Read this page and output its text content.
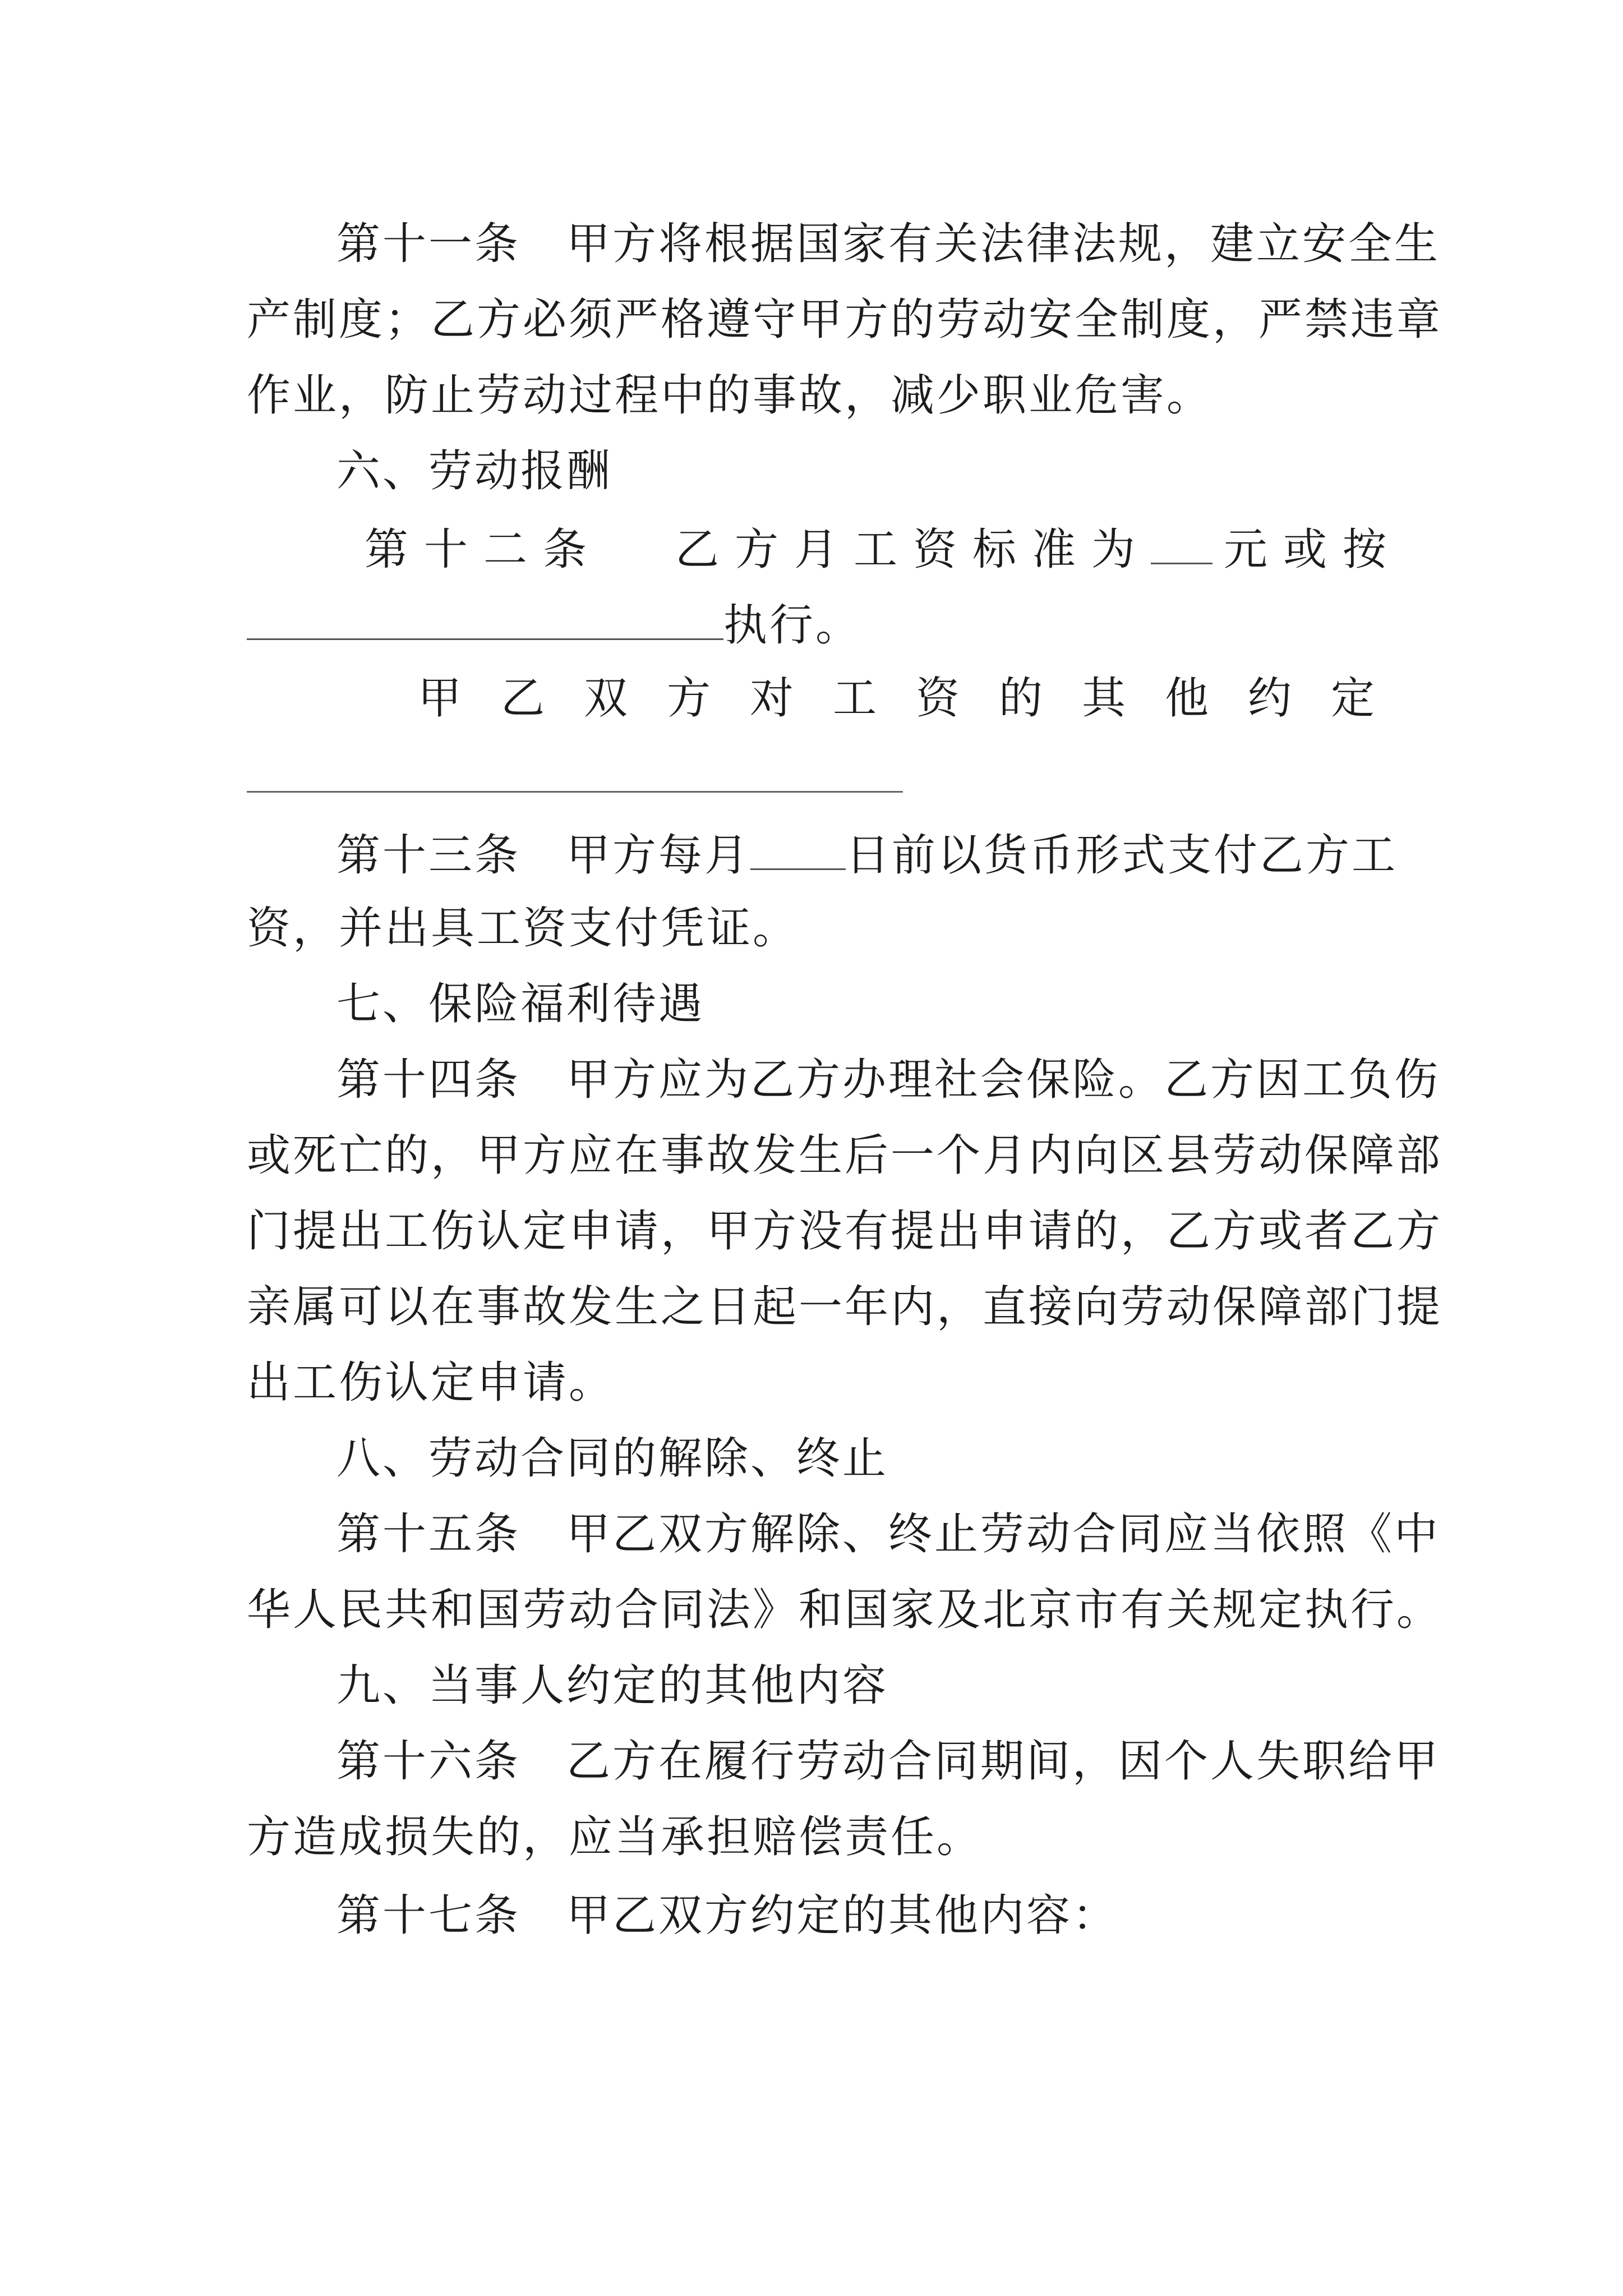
第十一条　甲方将根据国家有关法律法规，建立安全生
产制度；乙方必须严格遵守甲方的劳动安全制度，严禁违章
作业，防止劳动过程中的事故，减少职业危害。
六、劳动报酬
第十二条 乙方月工资标准为 元或按
执行。
甲乙双方对工资的其他约定
第十三条　甲方每月 日前以货币形式支付乙方工
资，并出具工资支付凭证。
七、保险福利待遇
第十四条　甲方应为乙方办理社会保险。乙方因工负伤
或死亡的，甲方应在事故发生后一个月内向区县劳动保障部
门提出工伤认定申请，甲方没有提出申请的，乙方或者乙方
亲属可以在事故发生之日起一年内，直接向劳动保障部门提
出工伤认定申请。
八、劳动合同的解除、终止
第十五条　甲乙双方解除、终止劳动合同应当依照《中
华人民共和国劳动合同法》和国家及北京市有关规定执行。
九、当事人约定的其他内容
第十六条　乙方在履行劳动合同期间，因个人失职给甲
方造成损失的，应当承担赔偿责任。
第十七条　甲乙双方约定的其他内容：
